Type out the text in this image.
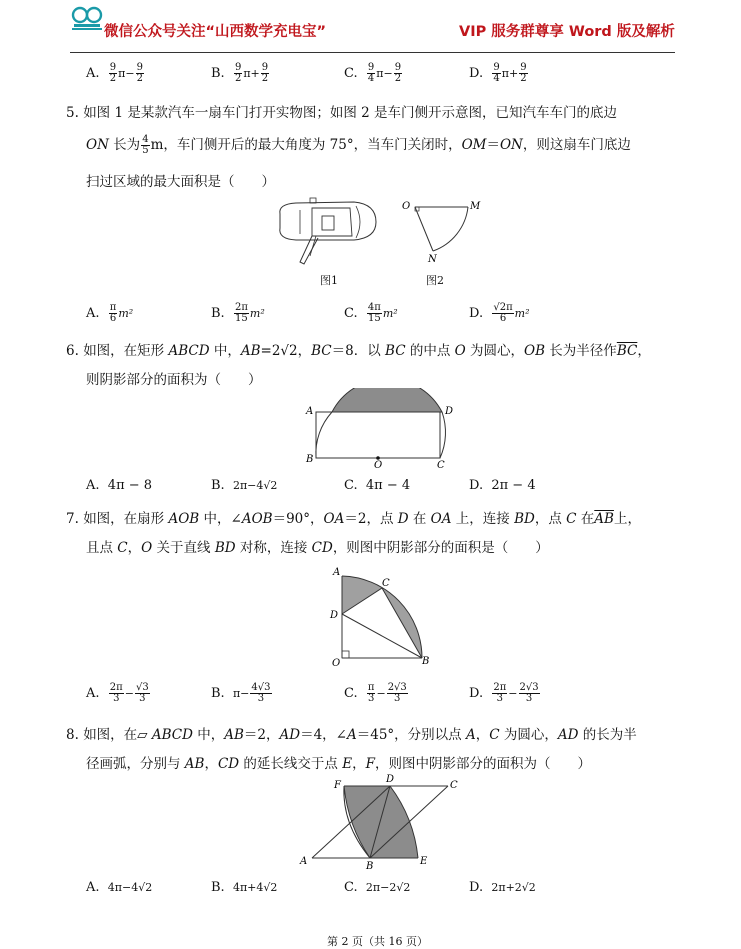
微信公众号关注“山西数学充电宝”	VIP 服务群尊享 Word 版及解析
A. $\frac{9}{2} \pi- \frac{9}{2}$	B. $\frac{9}{2} \pi+ \frac{9}{2}$	C. $\frac{9}{4} \pi- \frac{9}{2}$	D. $\frac{9}{4} \pi+ \frac{9}{2}$
5. 如图 1 是某款汽车一扇车门打开实物图；如图 2 是车门侧开示意图，已知汽车车门的底边
ON 长为 $\frac{4}{5}$ m，车门侧开后的最大角度为 75°，当车门关闭时，OM＝ON，则这扇车门底边
扫过区域的最大面积是（　　）
图1
O	M
N
图2
A. $\frac{\pi}{6} m^2$	B. $\frac{2\pi}{15} m^2$	C. $\frac{4\pi}{15} m^2$	D. $\frac{√2\pi}{6} m^2$
6. 如图，在矩形 ABCD 中，AB=2√2，BC＝8．以 BC 的中点 O 为圆心，OB 长为半径作$\overline{BC}$，
则阴影部分的面积为（　　）
A	D
B
C
O
A. 4π − 8	B. 2π−4√2	C. 4π − 4	D. 2π − 4
7. 如图，在扇形 AOB 中，∠AOB＝90°，OA＝2，点 D 在 OA 上，连接 BD，点 C 在$\overline{AB}$上，
且点 C，O 关于直线 BD 对称，连接 CD，则图中阴影部分的面积是（　　）
A
C
D
O	B
A. $\frac{2\pi}{3} - \frac{√3}{3}$	B. $\pi- \frac{4√3}{3}$	C. $\frac{\pi}{3} - \frac{2√3}{3}$	D. $\frac{2\pi}{3} - \frac{2√3}{3}$
8. 如图，在▱ ABCD 中，AB＝2，AD＝4，∠A＝45°，分别以点 A，C 为圆心，AD 的长为半
径画弧，分别与 AB，CD 的延长线交于点 E，F，则图中阴影部分的面积为（　　）
F
D
C
A	B	E
A. 4π−4√2	B. 4π+4√2	C. 2π−2√2	D. 2π+2√2
第 2 页（共 16 页）
